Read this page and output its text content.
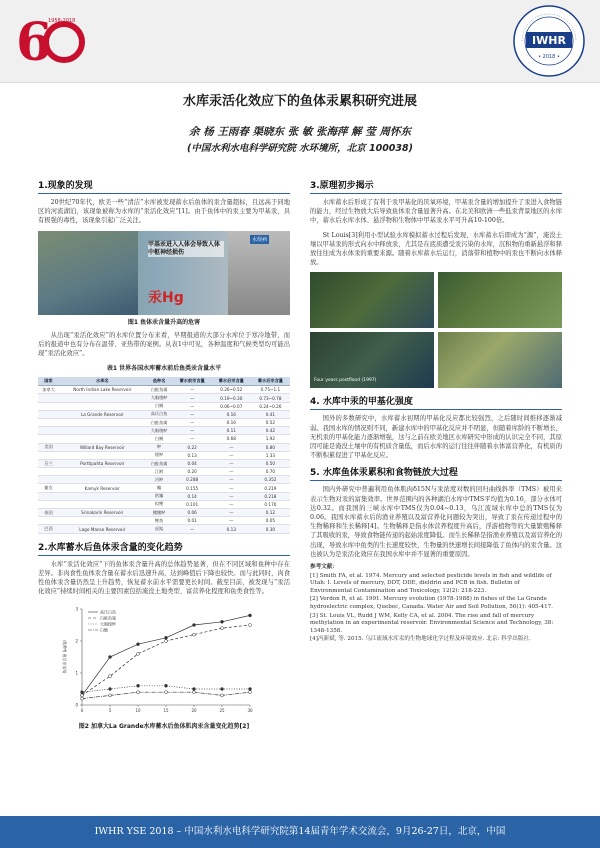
6
1958-2018
IWHR
• 2018 •
水库汞活化效应下的鱼体汞累积研究进展
余 杨 王雨春 渠晓东 张 敏 张海萍 解 莹 周怀东
(中国水利水电科学研究院 水环境所，北京 100038)
1.现象的发现

20世纪70年代，欧美一些“清洁”水库被发现蓄水后鱼体的汞含量超标，且远高于同地区的河流湖泊，该现象被称为水库的“汞活化效应”[1]。由于鱼体中的汞主要为甲基汞，具有极强的毒性，该现象引起广泛关注。

甲基汞进入人体会导致人体中枢神经损伤
汞Hg
水俣病
图1 鱼体汞含量升高的危害

从出现“汞活化效应”的水库位置分布来看，早期报道的大部分水库位于寒冷地带，而后的报道中也有分布在温带、亚热带的案例。从表1中可见，各种温度和气候类型均可能出现“汞活化效应”。

表1 世界各国水库蓄水前后鱼类汞含量水平
国家	水库名	鱼种名	蓄水前汞含量	蓄水后汞含量	蓄水后汞含量
加拿大	North Indian Lake Reservoir	白鲑鱼属	—	0.26~0.52	0.75~1.1
		大眼梭鲈	—	0.19~0.30	0.73~0.78
		白鲢	—	0.06~0.07	0.24~0.26
	La Grande Reservoir	高氏白鱼	—	0.16	0.41
		白鲑鱼属	—	0.16	0.52
		大眼梭鲈	—	0.11	0.42
		白鲢	—	0.68	1.92
美国	Willard Bay Reservoir	鲈	0.22	—	0.80
		梭鲈	0.13	—	1.33
芬兰	Porttipahta Reservoir	白鲑鱼属	0.04	—	0.50
		江鳕	0.20	—	0.70
		河鲈	0.288	—	0.352
捷克	Kamyk Reservoir	鳊	0.155	—	0.219
		欧鳊	0.14	—	0.218
		拟鲤	0.101	—	0.170
泰国	Srinakarin Reservoir	鳍鳍鲈	0.06	—	0.12
		鲤鱼	0.01	—	0.05
巴西	Lago Manso Reservoir	虎鲶	—	0.13	0.30
2.水库蓄水后鱼体汞含量的变化趋势

水库“汞活化效应”下的鱼体汞含量升高的总体趋势显著，但在不同区域和鱼种中存在差异。非肉食性鱼体汞含量在蓄水后迅速升高，达到峰值后下降也较快。而与此同时，肉食性鱼体汞含量仍然呈上升趋势，恢复蓄水前水平需要更长时间。截至目前，被发现与“汞活化效应”持续时间相关的主要因素包括淹没土地类型、富营养化程度和鱼类食性等。

0
1
2
3
0	5	10	15	20	25	30
鱼体汞含量 (µg/g)
高氏白鱼
白鲑鱼属
大眼梭鲈
白鲢
图2 加拿大La Grande水库蓄水后鱼体肌肉汞含量变化趋势[2]
3.原理初步揭示

水库蓄水后形成了有利于汞甲基化的厌氧环境，甲基汞含量的增加提升了汞进入食物链的能力，经过生物放大后导致鱼体汞含量显著升高。在北美和欧洲一些低汞背景地区的水库中，蓄水后水库水体、悬浮物和生物体中甲基汞水平可升高10-100倍。

St Louis[3]利用小型试验水库模拟蓄水过程后发现，水库蓄水后即成为“源”，淹没土壤以甲基汞的形式向水中释放汞，尤其是在底质遭受汞污染的水库，沉积物的重新悬浮和释放往往成为水体汞的重要来源。随着水库蓄水后运行，消落带和植物中的汞也不断向水体释放。

Four years postflood (1997)
4. 水库中汞的甲基化强度

国外的多数研究中，水库蓄水初期的甲基化反应都比较强烈，之后随时间推移逐渐减弱。我国水库的情况则不同，新建水库中的甲基化反应并不明显，但随着库龄的不断增长，无机汞的甲基化能力逐渐增强，这与之前在欧美地区水库研究中形成的认识完全不同，其原因可能是淹没土壤中的有机质含量低，而后水库的运行往往伴随着水体富营养化，有机质的不断积累促进了甲基化反应。

5. 水库鱼体汞累积和食物链放大过程

国内外研究中普遍利用鱼体肌肉δ15N与汞浓度对数的回归曲线斜率（TMS）被用来表示生物对汞的富集效率。世界范围内的各种湖泊水库中TMS平均值为0.16，部分水体可达0.32。而我国的三峡水库中TMS仅为0.04~0.13，乌江流域水库中总的TMS仅为0.06。我国水库蓄水后的渔业养殖以及富营养化问题较为突出，导致了汞在传递过程中的生物稀释和生长稀释[4]。生物稀释是指水体营养程度升高后，浮游植物等的大量繁殖稀释了其吸收的汞，导致食物链传递的起始浓度降低。而生长稀释是指渔业养殖以及富营养化的出现，导致水库中鱼类的生长速度较快，生物量的快速增长间接降低了鱼体内的汞含量。这也被认为是汞活化效应在我国水库中并不显著的重要原因。

参考文献：
[1] Smith FA, et al. 1974. Mercury and selected pesticide levels in fish and wildlife of Utah: I. Levels of mercury, DDT, DDE, dieldrin and PCB in fish. Bulletin of Environmental Contamination and Toxicology, 12(2): 218-223.
[2] Verdon R, et al. 1991. Mercury evolution (1978-1988) in fishes of the La Grande hydroelectric complex, Quebec, Canada. Water Air and Soil Pollution, 56(1): 405-417.
[3] St. Louis VL, Rudd J WM, Kelly CA, et al. 2004. The rise and fall of mercury methylation in an experimental reservoir. Environmental Science and Technology, 38: 1348-1358.
[4]冯新斌, 等. 2015. 乌江流域水库汞的生物地球化学过程及环境效应. 北京: 科学出版社.
IWHR YSE 2018 – 中国水利水电科学研究院第14届青年学术交流会，9月26-27日，北京，中国
